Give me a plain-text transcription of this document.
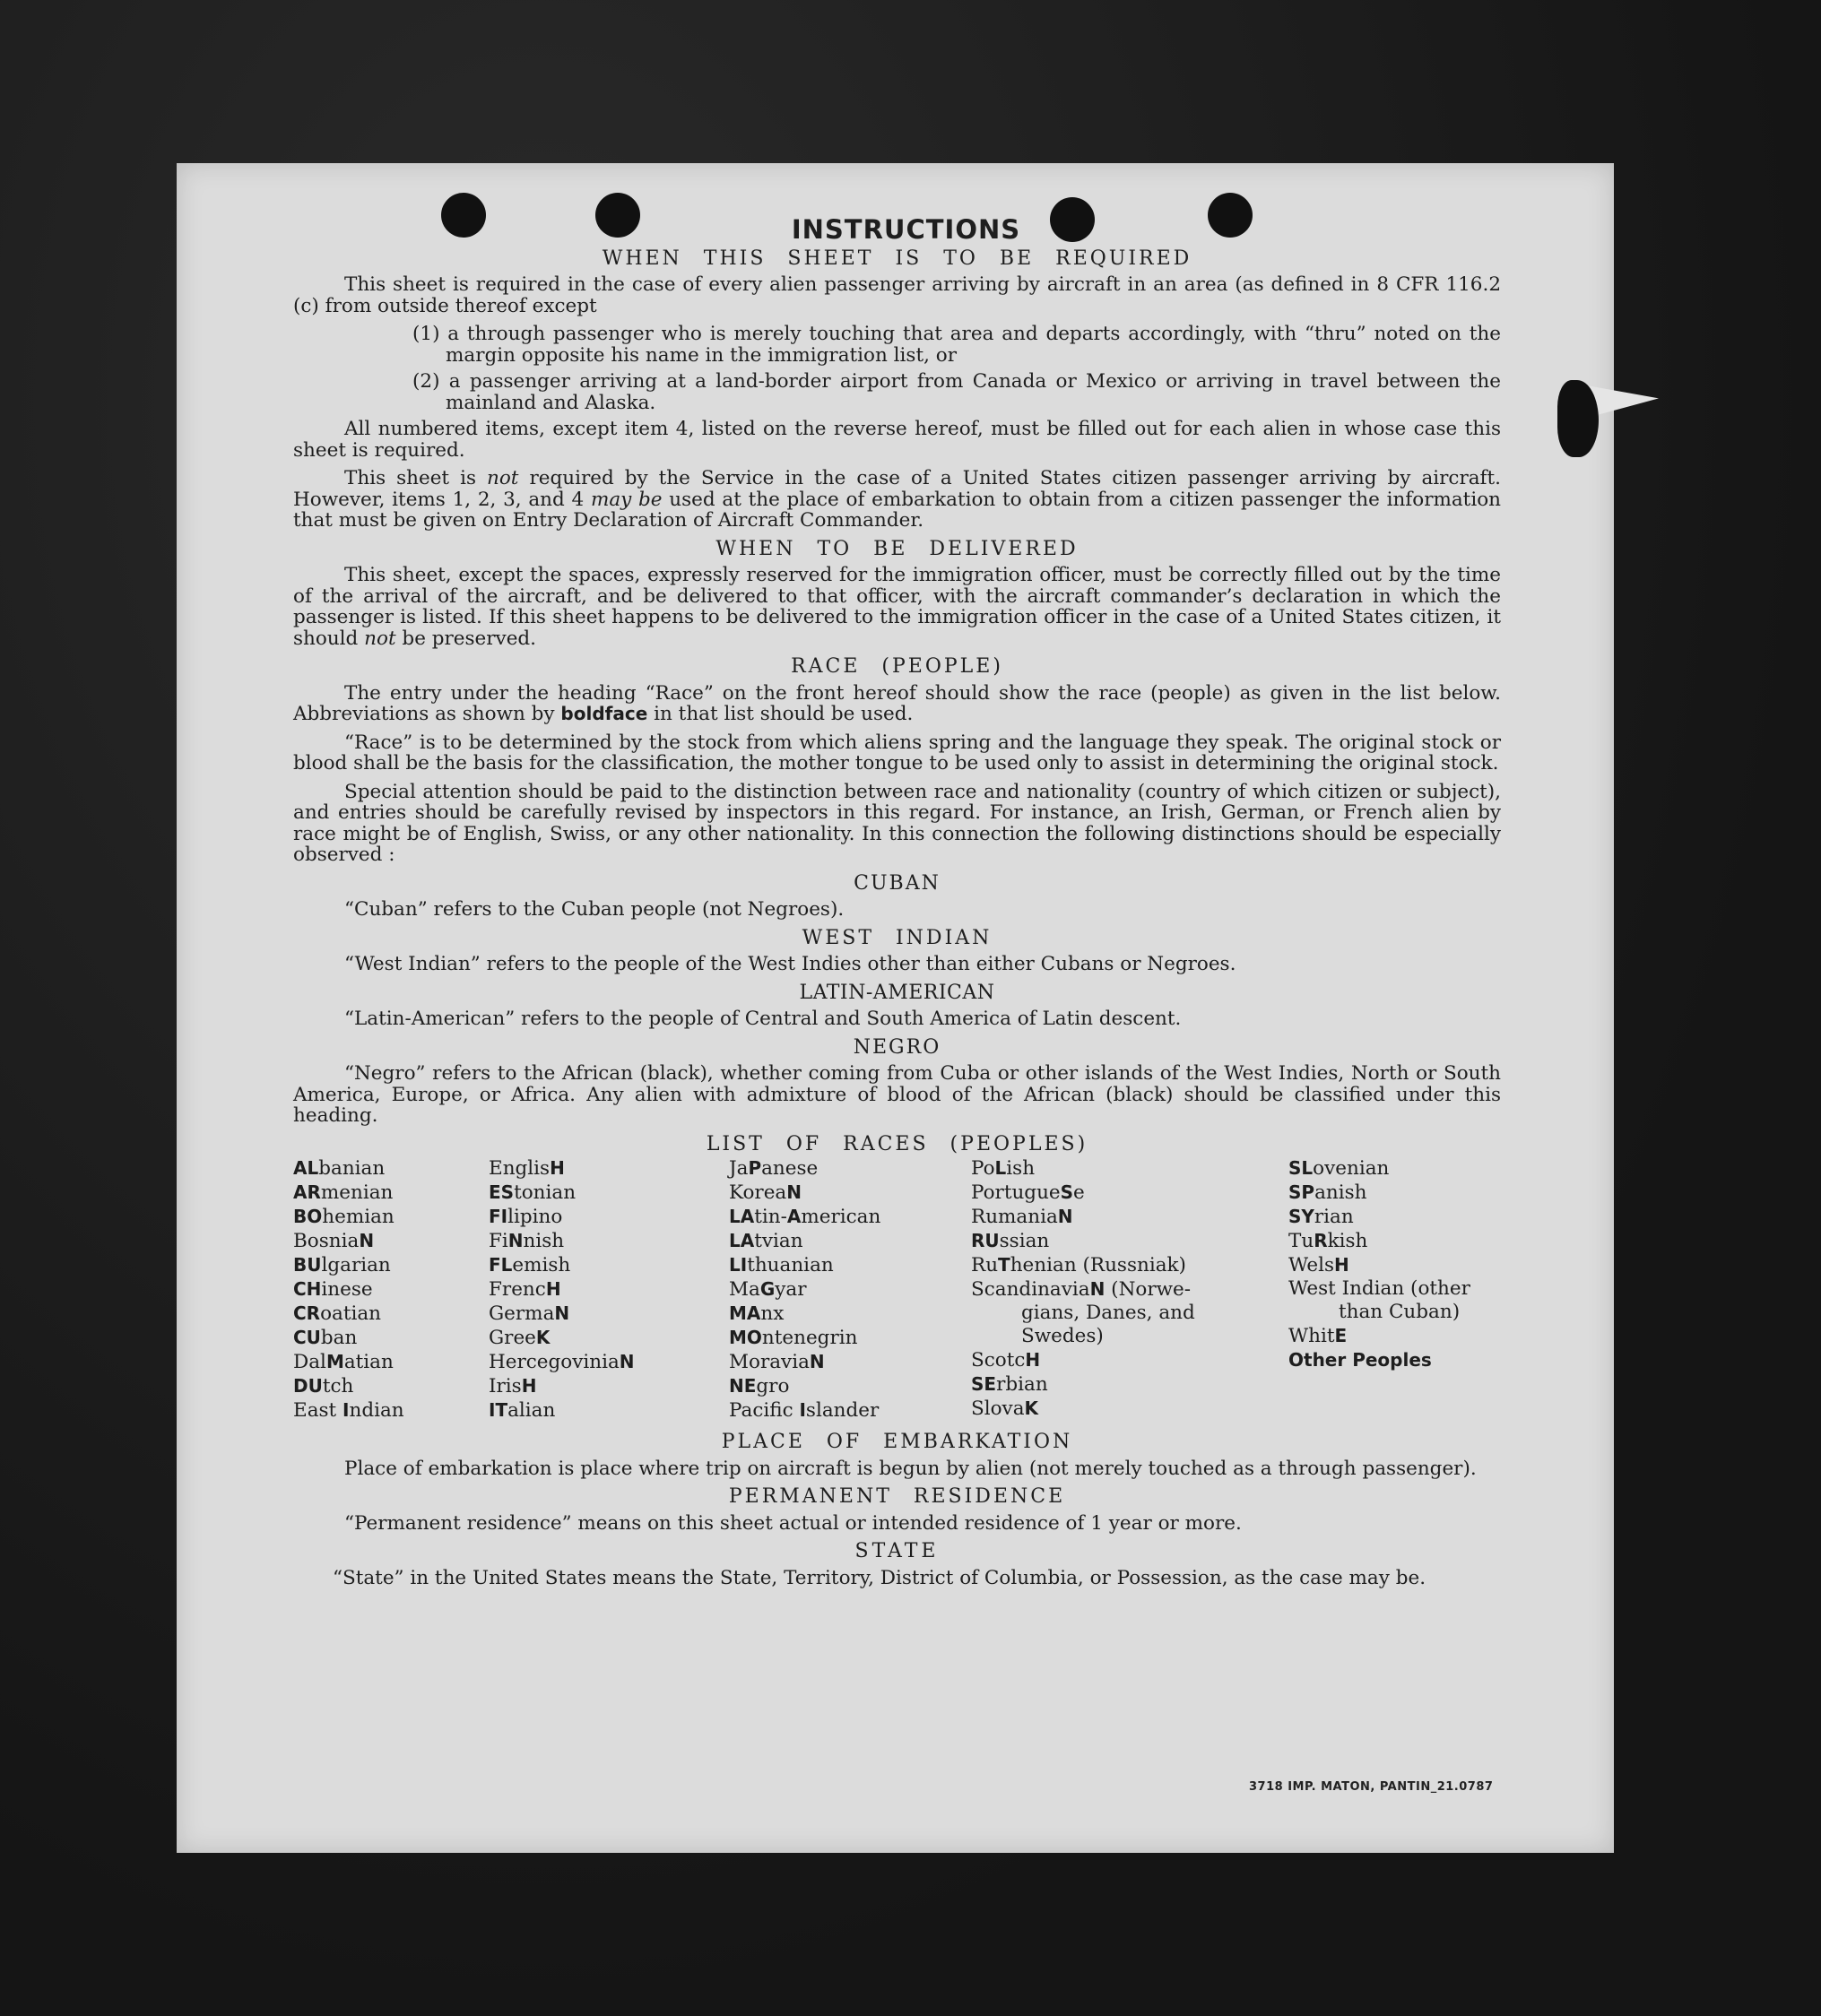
INSTRUCTIONS
WHEN THIS SHEET IS TO BE REQUIRED

This sheet is required in the case of every alien passenger arriving by aircraft in an area (as defined in 8 CFR 116.2 (c) from outside thereof except

(1) a through passenger who is merely touching that area and departs accordingly, with “thru” noted on the margin opposite his name in the immigration list, or
(2) a passenger arriving at a land-border airport from Canada or Mexico or arriving in travel between the mainland and Alaska.

All numbered items, except item 4, listed on the reverse hereof, must be filled out for each alien in whose case this sheet is required.

This sheet is not required by the Service in the case of a United States citizen passenger arriving by aircraft. However, items 1, 2, 3, and 4 may be used at the place of embarkation to obtain from a citizen passenger the information that must be given on Entry Declaration of Aircraft Commander.

WHEN TO BE DELIVERED

This sheet, except the spaces, expressly reserved for the immigration officer, must be correctly filled out by the time of the arrival of the aircraft, and be delivered to that officer, with the aircraft commander’s declaration in which the passenger is listed. If this sheet happens to be delivered to the immigration officer in the case of a United States citizen, it should not be preserved.

RACE (PEOPLE)

The entry under the heading “Race” on the front hereof should show the race (people) as given in the list below. Abbreviations as shown by boldface in that list should be used.

“Race” is to be determined by the stock from which aliens spring and the language they speak. The original stock or blood shall be the basis for the classification, the mother tongue to be used only to assist in determining the original stock.

Special attention should be paid to the distinction between race and nationality (country of which citizen or subject), and entries should be carefully revised by inspectors in this regard. For instance, an Irish, German, or French alien by race might be of English, Swiss, or any other nationality. In this connection the following distinctions should be especially observed :

CUBAN

“Cuban” refers to the Cuban people (not Negroes).

WEST INDIAN

“West Indian” refers to the people of the West Indies other than either Cubans or Negroes.

LATIN-AMERICAN

“Latin-American” refers to the people of Central and South America of Latin descent.

NEGRO

“Negro” refers to the African (black), whether coming from Cuba or other islands of the West Indies, North or South America, Europe, or Africa. Any alien with admixture of blood of the African (black) should be classified under this heading.

LIST OF RACES (PEOPLES)
ALbanian
ARmenian
BOhemian
BosniaN
BUlgarian
CHinese
CRoatian
CUban
DalMatian
DUtch
East Indian
EnglisH
EStonian
FIlipino
FiNnish
FLemish
FrencH
GermaN
GreeK
HercegoviniaN
IrisH
ITalian
JaPanese
KoreaN
LAtin-American
LAtvian
LIthuanian
MaGyar
MAnx
MOntenegrin
MoraviaN
NEgro
Pacific Islander
PoLish
PortugueSe
RumaniaN
RUssian
RuThenian (Russniak)
ScandinaviaN (Norwe-
gians, Danes, and
Swedes)
ScotcH
SErbian
SlovaK
SLovenian
SPanish
SYrian
TuRkish
WelsH
West Indian (other
than Cuban)
WhitE
Other Peoples
PLACE OF EMBARKATION

Place of embarkation is place where trip on aircraft is begun by alien (not merely touched as a through passenger).

PERMANENT RESIDENCE

“Permanent residence” means on this sheet actual or intended residence of 1 year or more.

STATE

“State” in the United States means the State, Territory, District of Columbia, or Possession, as the case may be.

3718 IMP. MATON, PANTIN_21.0787
